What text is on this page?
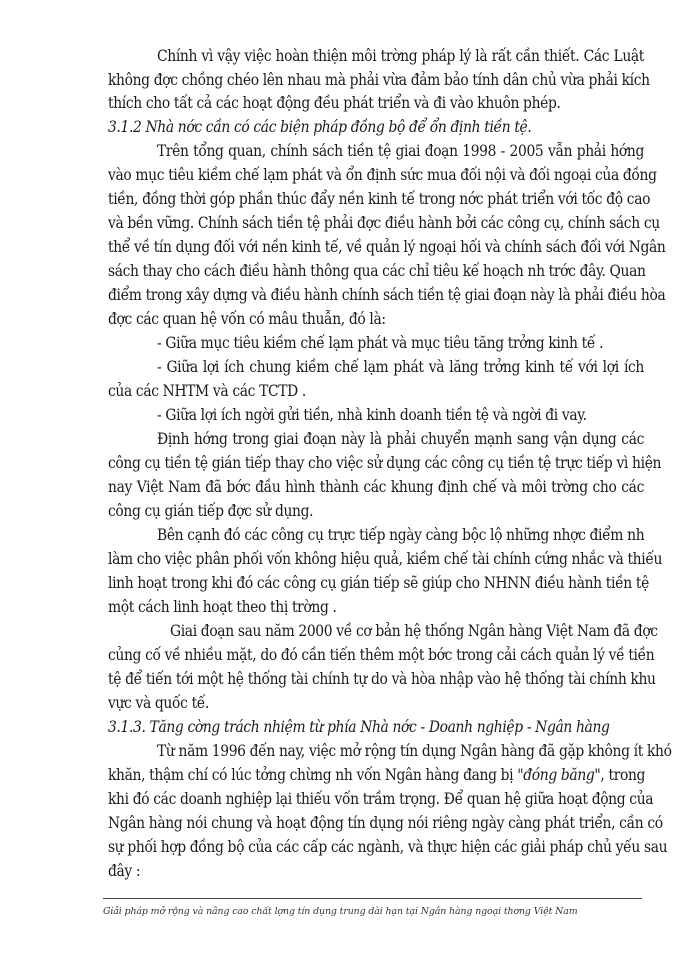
Chính vì vậy việc hoàn thiện môi trờng pháp lý là rất cần thiết. Các Luật
không đợc chồng chéo lên nhau mà phải vừa đảm bảo tính dân chủ vừa phải kích
thích cho tất cả các hoạt động đều phát triển và đi vào khuôn phép.
3.1.2 Nhà nớc cần có các biện pháp đồng bộ để ổn định tiền tệ.
Trên tổng quan, chính sách tiền tệ giai đoạn 1998 - 2005 vẫn phải hớng
vào mục tiêu kiềm chế lạm phát và ổn định sức mua đối nội và đối ngoại của đồng
tiền, đồng thời góp phần thúc đẩy nền kinh tế trong nớc phát triển với tốc độ cao
và bền vững. Chính sách tiền tệ phải đợc điều hành bởi các công cụ, chính sách cụ
thể về tín dụng đối với nền kinh tế, về quản lý ngoại hối và chính sách đối với Ngân
sách thay cho cách điều hành thông qua các chỉ tiêu kế hoạch nh trớc đây. Quan
điểm trong xây dựng và điều hành chính sách tiền tệ giai đoạn này là phải điều hòa
đợc các quan hệ vốn có mâu thuẫn, đó là:
- Giữa mục tiêu kiềm chế lạm phát và mục tiêu tăng trởng kinh tế .
- Giữa lợi ích chung kiềm chế lạm phát và lăng trởng kinh tế với lợi ích
của các NHTM và các TCTD .
- Giữa lợi ích ngời gửi tiền, nhà kinh doanh tiền tệ và ngời đi vay.
Định hớng trong giai đoạn này là phải chuyển mạnh sang vận dụng các
công cụ tiền tệ gián tiếp thay cho việc sử dụng các công cụ tiền tệ trực tiếp vì hiện
nay Việt Nam đã bớc đầu hình thành các khung định chế và môi trờng cho các
công cụ gián tiếp đợc sử dụng.
Bên cạnh đó các công cụ trực tiếp ngày càng bộc lộ những nhợc điểm nh
làm cho việc phân phối vốn không hiệu quả, kiềm chế tài chính cứng nhắc và thiếu
linh hoạt trong khi đó các công cụ gián tiếp sẽ giúp cho NHNN điều hành tiền tệ
một cách linh hoạt theo thị trờng .
Giai đoạn sau năm 2000 về cơ bản hệ thống Ngân hàng Việt Nam đã đợc
củng cố về nhiều mặt, do đó cần tiến thêm một bớc trong cải cách quản lý về tiền
tệ để tiến tới một hệ thống tài chính tự do và hòa nhập vào hệ thống tài chính khu
vực và quốc tế.
3.1.3. Tăng cờng trách nhiệm từ phía Nhà nớc - Doanh nghiệp - Ngân hàng
Từ năm 1996 đến nay, việc mở rộng tín dụng Ngân hàng đã gặp không ít khó
khăn, thậm chí có lúc tởng chừng nh vốn Ngân hàng đang bị "đóng băng", trong
khi đó các doanh nghiệp lại thiếu vốn trầm trọng. Để quan hệ giữa hoạt động của
Ngân hàng nói chung và hoạt động tín dụng nói riêng ngày càng phát triển, cần có
sự phối hợp đồng bộ của các cấp các ngành, và thực hiện các giải pháp chủ yếu sau
đây :
Giải pháp mở rộng và nâng cao chất lợng tín dụng trung dài hạn tại Ngân hàng ngoại thơng Việt Nam
